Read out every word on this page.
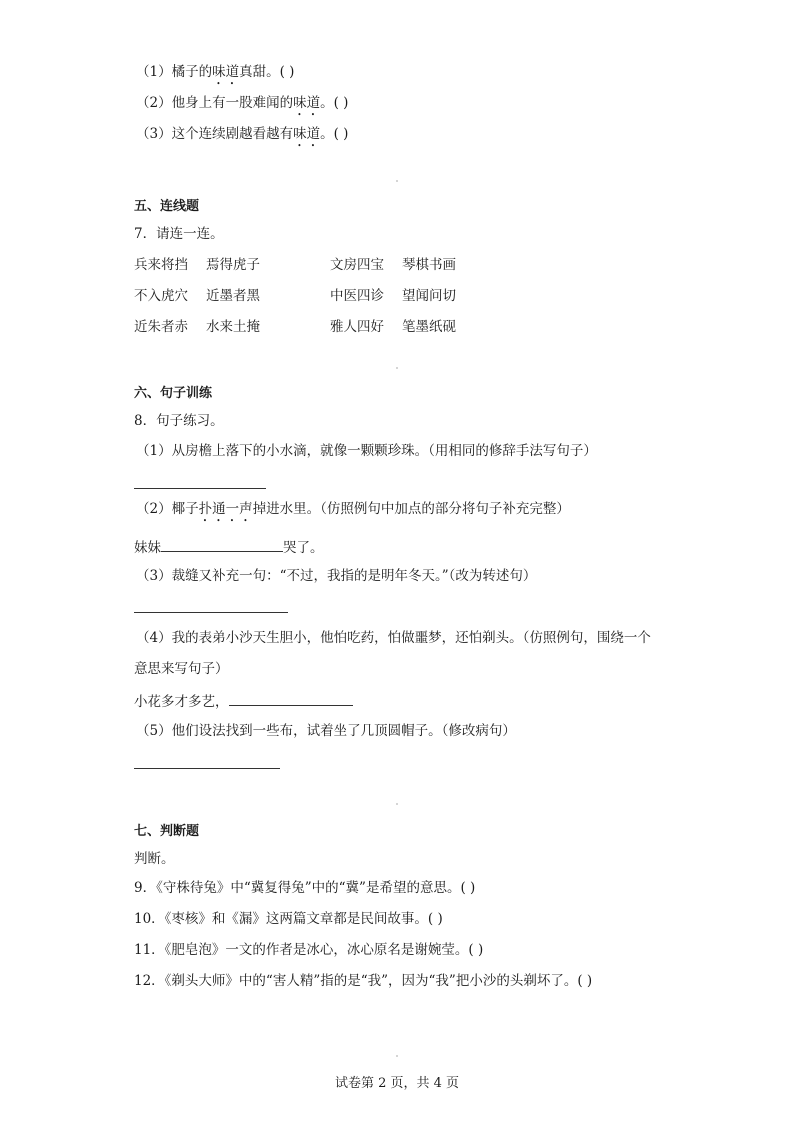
（1）橘子的味道真甜。( )
（2）他身上有一股难闻的味道。( )
（3）这个连续剧越看越有味道。( )
五、连线题
7．请连一连。
兵来将挡 焉得虎子	文房四宝 琴棋书画
不入虎穴 近墨者黑	中医四诊 望闻问切
近朱者赤 水来土掩	雅人四好 笔墨纸砚
六、句子训练
8．句子练习。
（1）从房檐上落下的小水滴，就像一颗颗珍珠。（用相同的修辞手法写句子）
（2）椰子扑通一声掉进水里。（仿照例句中加点的部分将句子补充完整）
妹妹	哭了。
（3）裁缝又补充一句：“不过，我指的是明年冬天。”（改为转述句）
（4）我的表弟小沙天生胆小，他怕吃药，怕做噩梦，还怕剃头。（仿照例句，围绕一个
意思来写句子）
小花多才多艺，
（5）他们设法找到一些布，试着坐了几顶圆帽子。（修改病句）
七、判断题
判断。
9．《守株待兔》中“冀复得兔”中的“冀”是希望的意思。( )
10．《枣核》和《漏》这两篇文章都是民间故事。( )
11．《肥皂泡》一文的作者是冰心，冰心原名是谢婉莹。( )
12．《剃头大师》中的“害人精”指的是“我”，因为“我”把小沙的头剃坏了。( )
试卷第 2 页，共 4 页
